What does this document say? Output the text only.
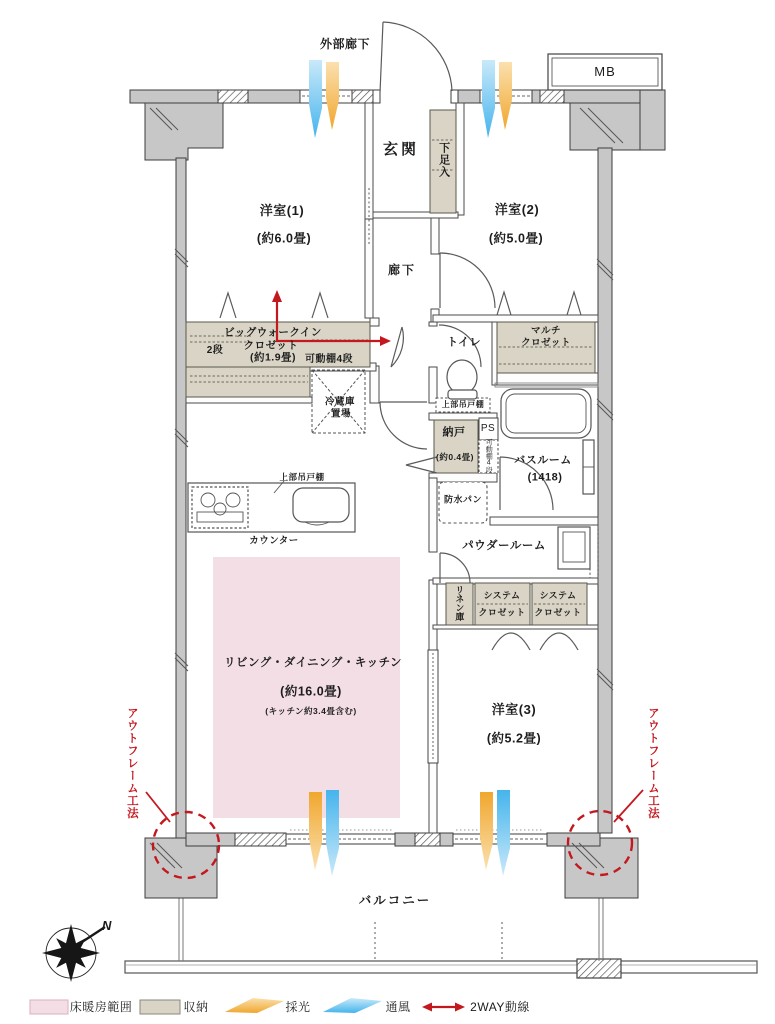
外部廊下
MB
玄関 下足入
洋室(1)
(約6.0畳)
洋室(2)
(約5.0畳)
廊下
ビッグウォークイン
クロゼット
(約1.9畳)
2段
可動棚4段
冷蔵庫
置場
マルチ
クロゼット
トイレ
上部吊戸棚
納戸
(約0.4畳)
PS
可動棚4段 バスルーム
(1418)
防水パン
パウダールーム
リネン庫 システム
クロゼット
システム
クロゼット
リビング・ダイニング・キッチン
(約16.0畳)
(キッチン約3.4畳含む)
上部吊戸棚
カウンター
洋室(3)
(約5.2畳)
バルコニー
アウトフレーム工法	アウトフレーム工法
N
床暖房範囲	収納	採光	通風	2WAY動線
